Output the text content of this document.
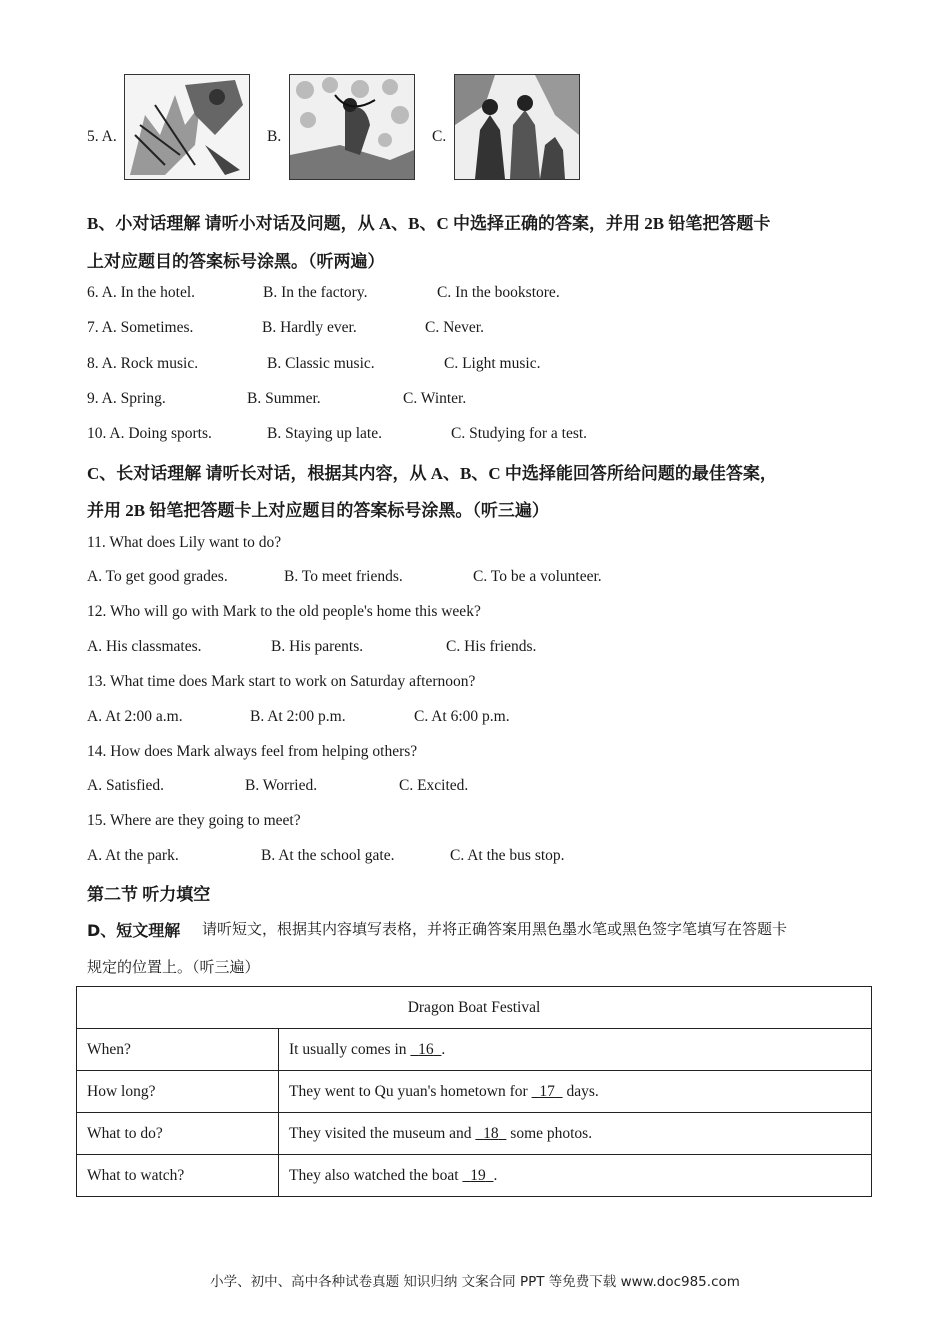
5. A.	B.	C.
B、小对话理解 请听小对话及问题，从 A、B、C 中选择正确的答案，并用 2B 铅笔把答题卡
上对应题目的答案标号涂黑。（听两遍）
6. A. In the hotel.	B. In the factory.	C. In the bookstore.
7. A. Sometimes.	B. Hardly ever.	C. Never.
8. A. Rock music.	B. Classic music.	C. Light music.
9. A. Spring.	B. Summer.	C. Winter.
10. A. Doing sports.	B. Staying up late.	C. Studying for a test.
C、长对话理解 请听长对话，根据其内容，从 A、B、C 中选择能回答所给问题的最佳答案，
并用 2B 铅笔把答题卡上对应题目的答案标号涂黑。（听三遍）
11. What does Lily want to do?
A. To get good grades.	B. To meet friends.	C. To be a volunteer.
12. Who will go with Mark to the old people's home this week?
A. His classmates.	B. His parents.	C. His friends.
13. What time does Mark start to work on Saturday afternoon?
A. At 2:00 a.m.	B. At 2:00 p.m.	C. At 6:00 p.m.
14. How does Mark always feel from helping others?
A. Satisfied.	B. Worried.	C. Excited.
15. Where are they going to meet?
A. At the park.	B. At the school gate.	C. At the bus stop.
第二节 听力填空
D、短文理解 请听短文，根据其内容填写表格，并将正确答案用黑色墨水笔或黑色签字笔填写在答题卡
规定的位置上。（听三遍）
Dragon Boat Festival	
When?	It usually comes in   16 .
How long?	They went to Qu yuan's hometown for   17   days.
What to do?	They visited the museum and   18   some photos.
What to watch?	They also watched the boat   19 .
小学、初中、高中各种试卷真题 知识归纳 文案合同 PPT 等免费下载 www.doc985.com
